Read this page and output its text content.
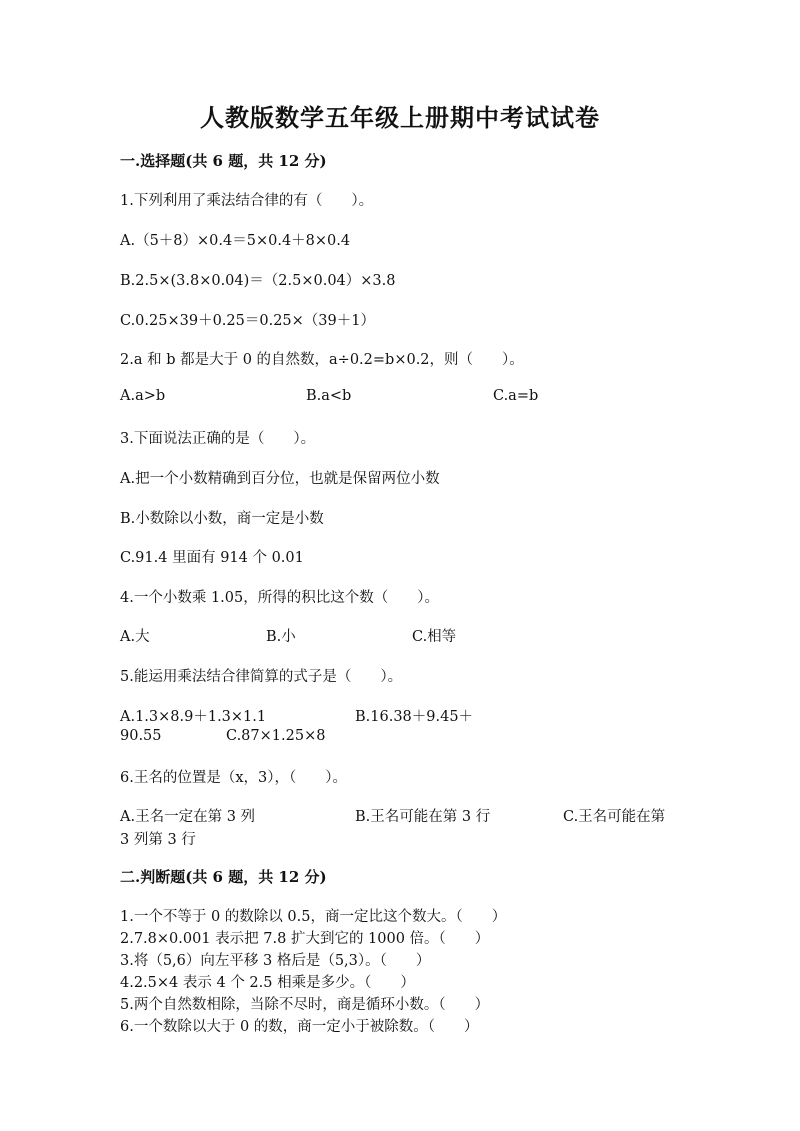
人教版数学五年级上册期中考试试卷
一.选择题(共 6 题，共 12 分)
1.下列利用了乘法结合律的有（　　）。
A.（5＋8）×0.4＝5×0.4＋8×0.4
B.2.5×(3.8×0.04)＝（2.5×0.04）×3.8
C.0.25×39＋0.25＝0.25×（39＋1）
2.a 和 b 都是大于 0 的自然数，a÷0.2=b×0.2，则（　　）。
A.a>b	B.a<b	C.a=b
3.下面说法正确的是（　　）。
A.把一个小数精确到百分位，也就是保留两位小数
B.小数除以小数，商一定是小数
C.91.4 里面有 914 个 0.01
4.一个小数乘 1.05，所得的积比这个数（　　）。
A.大	B.小	C.相等
5.能运用乘法结合律简算的式子是（　　）。
A.1.3×8.9＋1.3×1.1	B.16.38＋9.45＋
90.55	C.87×1.25×8
6.王名的位置是（x，3），（　　）。
A.王名一定在第 3 列	B.王名可能在第 3 行	C.王名可能在第
3 列第 3 行
二.判断题(共 6 题，共 12 分)
1.一个不等于 0 的数除以 0.5，商一定比这个数大。（　　）
2.7.8×0.001 表示把 7.8 扩大到它的 1000 倍。（　　）
3.将（5,6）向左平移 3 格后是（5,3）。（　　）
4.2.5×4 表示 4 个 2.5 相乘是多少。（　　）
5.两个自然数相除，当除不尽时，商是循环小数。（　　）
6.一个数除以大于 0 的数，商一定小于被除数。（　　）
